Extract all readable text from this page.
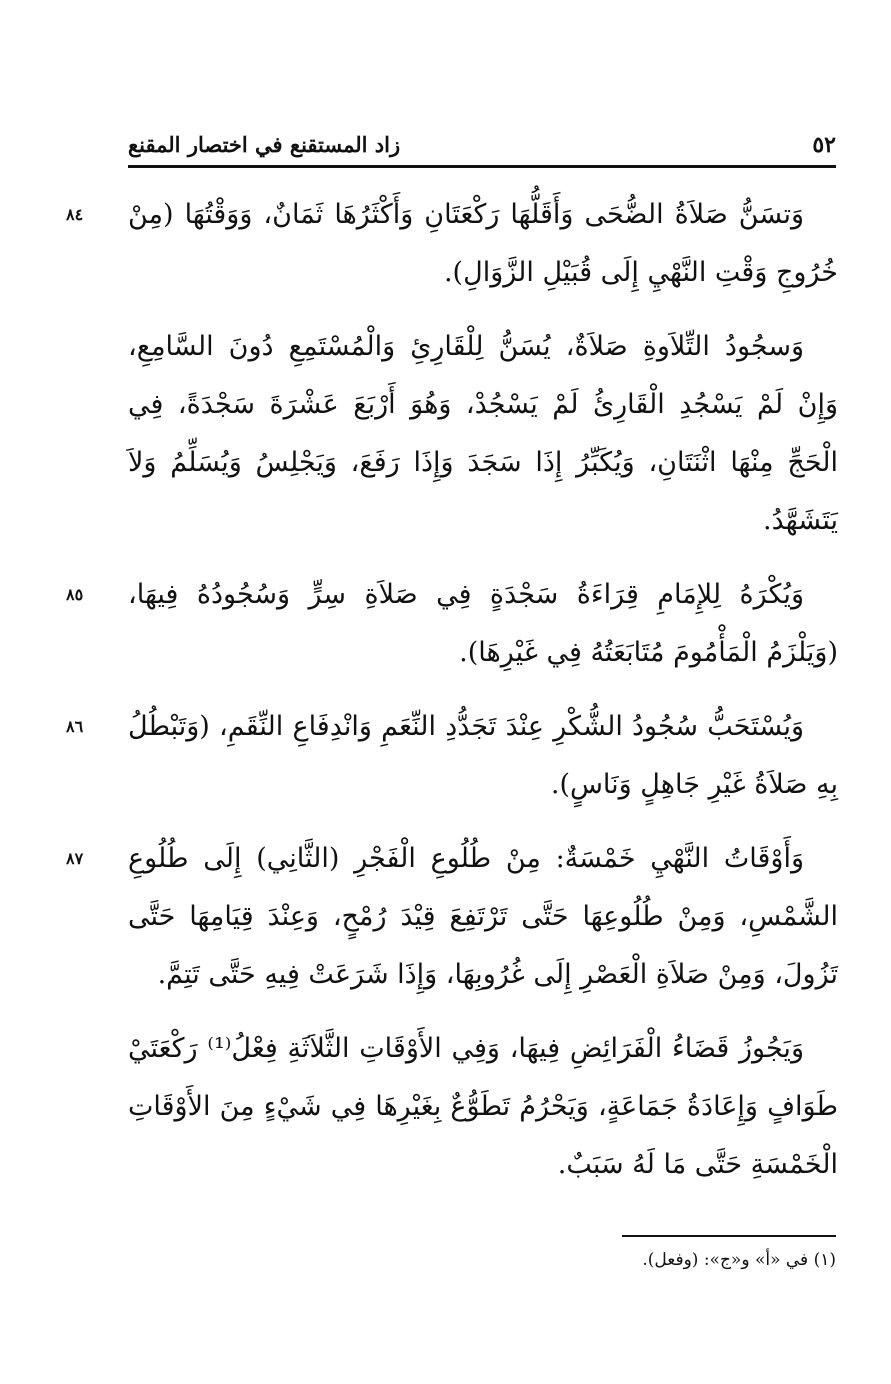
٥٢
زاد المستقنع في اختصار المقنع

٨٤ وَتسَنُّ صَلاَةُ الضُّحَى وَأَقَلُّهَا رَكْعَتَانِ وَأَكْثَرُهَا ثَمَانٌ، وَوَقْتُهَا (مِنْ خُرُوجِ وَقْتِ النَّهْيِ إِلَى قُبَيْلِ الزَّوَالِ).

وَسجُودُ التِّلاَوةِ صَلاَةٌ، يُسَنُّ لِلْقَارِئِ وَالْمُسْتَمِعِ دُونَ السَّامِعِ، وَإِنْ لَمْ يَسْجُدِ الْقَارِئُ لَمْ يَسْجُدْ، وَهُوَ أَرْبَعَ عَشْرَةَ سَجْدَةً، فِي الْحَجِّ مِنْهَا اثْنَتَانِ، وَيُكَبِّرُ إِذَا سَجَدَ وَإِذَا رَفَعَ، وَيَجْلِسُ وَيُسَلِّمُ وَلاَ يَتَشَهَّدُ.

٨٥ وَيُكْرَهُ لِلإِمَامِ قِرَاءَةُ سَجْدَةٍ فِي صَلاَةِ سِرٍّ وَسُجُودُهُ فِيهَا، (وَيَلْزَمُ الْمَأْمُومَ مُتَابَعَتُهُ فِي غَيْرِهَا).

٨٦ وَيُسْتَحَبُّ سُجُودُ الشُّكْرِ عِنْدَ تَجَدُّدِ النِّعَمِ وَانْدِفَاعِ النِّقَمِ، (وَتَبْطُلُ بِهِ صَلاَةُ غَيْرِ جَاهِلٍ وَنَاسٍ).

٨٧ وَأَوْقَاتُ النَّهْيِ خَمْسَةٌ: مِنْ طُلُوعِ الْفَجْرِ (الثَّانِي) إِلَى طُلُوعِ الشَّمْسِ، وَمِنْ طُلُوعِهَا حَتَّى تَرْتَفِعَ قِيْدَ رُمْحٍ، وَعِنْدَ قِيَامِهَا حَتَّى تَزُولَ، وَمِنْ صَلاَةِ الْعَصْرِ إِلَى غُرُوبِهَا، وَإِذَا شَرَعَتْ فِيهِ حَتَّى تَتِمَّ.

وَيَجُوزُ قَضَاءُ الْفَرَائِضِ فِيهَا، وَفِي الأَوْقَاتِ الثَّلاَثَةِ فِعْلُ⁽¹⁾ رَكْعَتَيْ طَوَافٍ وَإِعَادَةُ جَمَاعَةٍ، وَيَحْرُمُ تَطَوُّعٌ بِغَيْرِهَا فِي شَيْءٍ مِنَ الأَوْقَاتِ الْخَمْسَةِ حَتَّى مَا لَهُ سَبَبٌ.

(١) في «أ» و«ج»: (وفعل).
